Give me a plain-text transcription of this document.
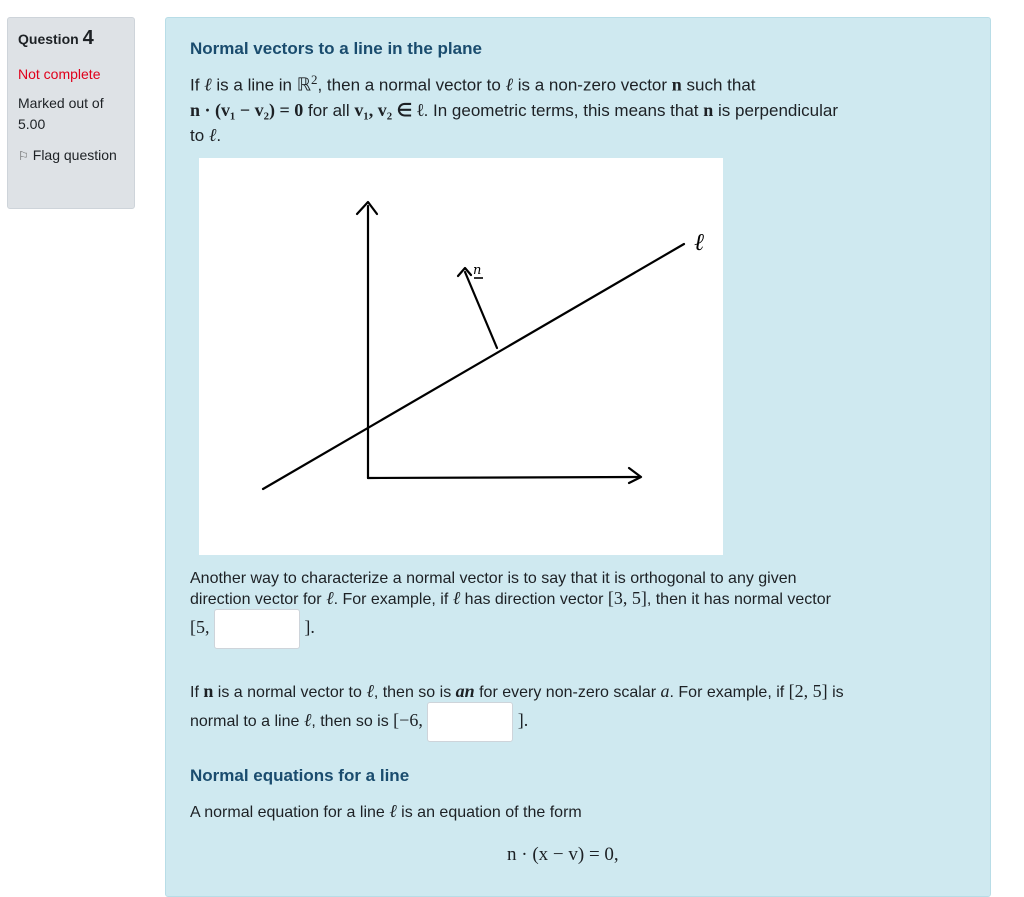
Question 4
Not complete
Marked out of 5.00
⚐ Flag question
Normal vectors to a line in the plane

If ℓ is a line in ℝ$^2$, then a normal vector to ℓ is a non-zero vector n such that
n · (v₁ − v₂) = 0 for all v₁, v₂ ∈ ℓ. In geometric terms, this means that n is perpendicular
to ℓ.

ℓ
n

Another way to characterize a normal vector is to say that it is orthogonal to any given
direction vector for ℓ. For example, if ℓ has direction vector [3, 5], then it has normal vector
[5,	].

If n is a normal vector to ℓ, then so is an for every non-zero scalar a. For example, if [2, 5] is
normal to a line ℓ, then so is [−6,	].

Normal equations for a line

A normal equation for a line ℓ is an equation of the form

n · (x − v) = 0,
